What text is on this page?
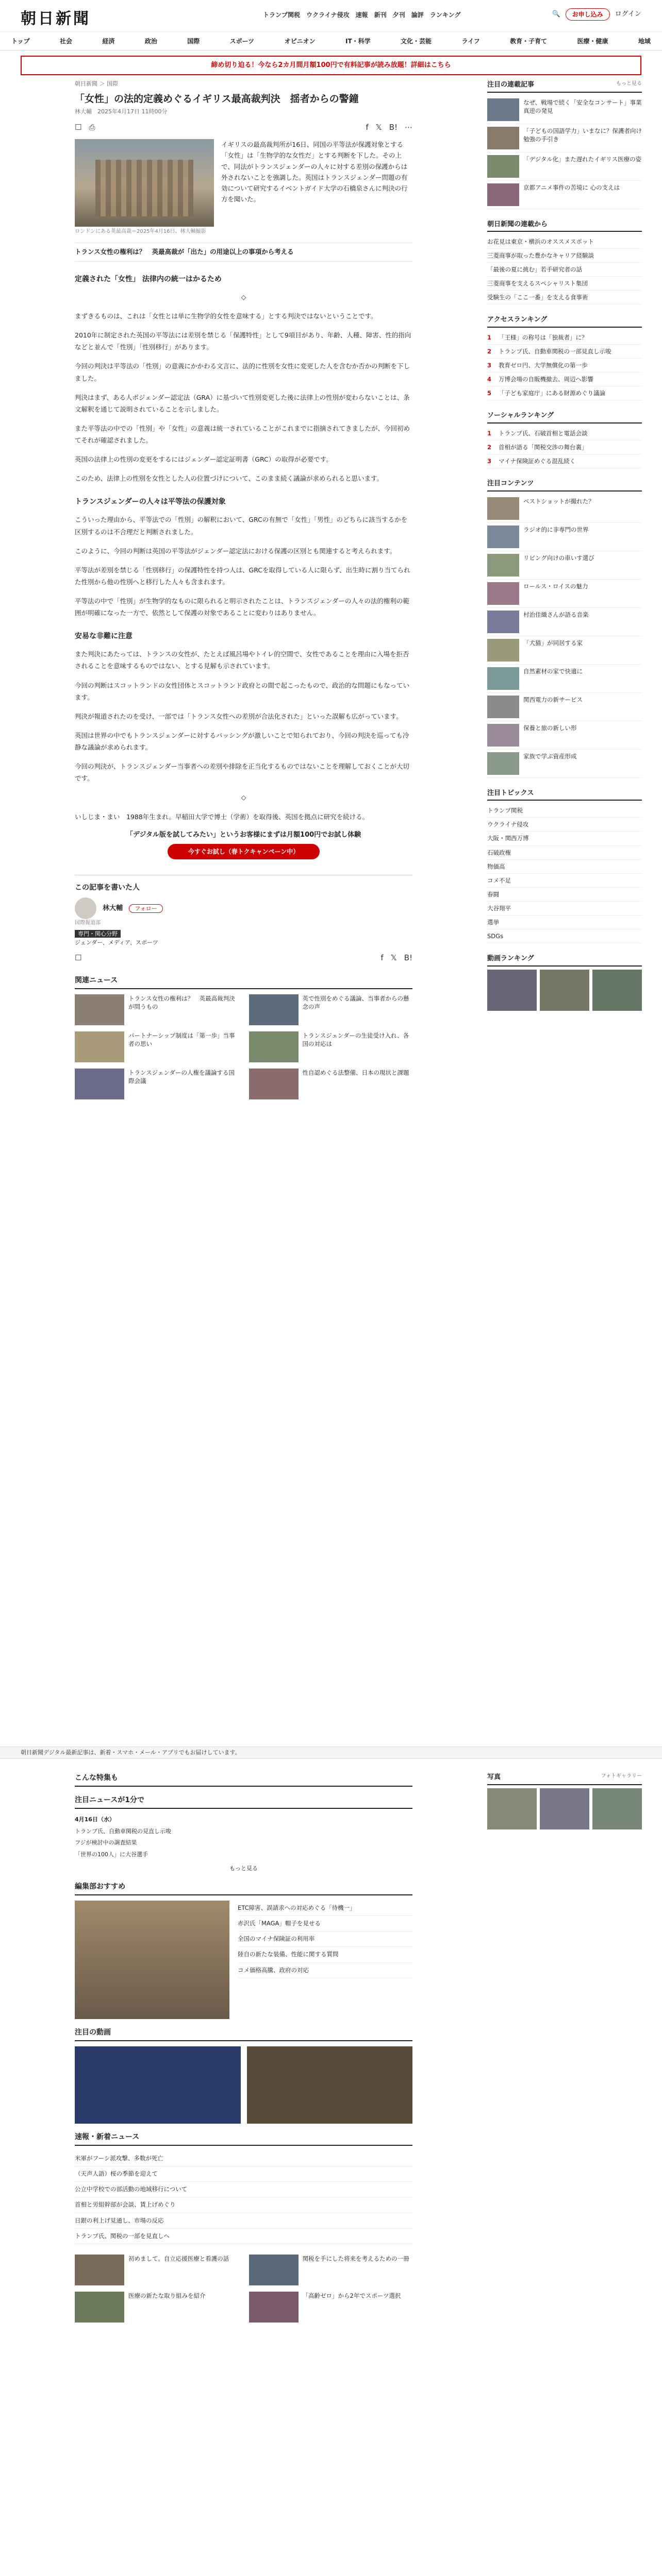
朝日新聞	トランプ関税 ウクライナ侵攻 速報 新刊 夕刊 論評 ランキング	🔍	お申し込み	ログイン
トップ	社会	経済	政治	国際	スポーツ	オピニオン	IT・科学	文化・芸能	ライフ	教育・子育て	医療・健康	地域
締め切り迫る！今なら2カ月間月額100円で有料記事が読み放題！詳細はこちら
朝日新聞 ＞ 国際
「女性」の法的定義めぐるイギリス最高裁判決　揺者からの警鐘
林大輔　2025年4月17日 11時00分
☐ ⎙	f 𝕏 B! ⋯
ロンドンにある英最高裁＝2025年4月16日、林大輔撮影
イギリスの最高裁判所が16日、同国の平等法が保護対象とする「女性」は「生物学的な女性だ」とする判断を下した。その上で、同法がトランスジェンダーの人々に対する差別の保護からは外されないことを強調した。英国はトランスジェンダー問題の有効について研究するイベントガイド大学の石橋泉さんに判決の行方を聞いた。
トランス女性の権利は？　英最高裁が「出た」の用途以上の事項から考える
定義された「女性」 法律内の統一はかるため

◇

まずきるものは、これは「女性とは単に生物学的女性を意味する」とする判決ではないということです。

2010年に制定された英国の平等法には差別を禁じる「保護特性」として9項目があり、年齢、人種、障害、性的指向などと並んで「性別」「性別移行」があります。

今回の判決は平等法の「性別」の意義にかかわる文言に、法的に性別を女性に変更した人を含むか否かの判断を下しました。

判決はまず、ある人ボジェンダー認定法（GRA）に基づいて性別変更した後に法律上の性別が変わらないことは、条文解釈を通じて説明されていることを示しました。

また平等法の中での「性別」や「女性」の意義は統一されていることがこれまでに指摘されてきましたが、今回初めてそれが確認されました。

英国の法律上の性別の変更をするにはジェンダー認定証明書（GRC）の取得が必要です。

このため、法律上の性別を女性とした人の位置づけについて、このまま続く議論が求められると思います。

トランスジェンダーの人々は平等法の保護対象

こういった理由から、平等法での「性別」の解釈において、GRCの有無で「女性」「男性」のどちらに該当するかを区別するのは不合理だと判断されました。

このように、今回の判断は英国の平等法がジェンダー認定法における保護の区別とも関連すると考えられます。

平等法が差別を禁じる「性別移行」の保護特性を持つ人は、GRCを取得している人に限らず、出生時に割り当てられた性別から他の性別へと移行した人々も含まれます。

平等法の中で「性別」が生物学的なものに限られると明示されたことは、トランスジェンダーの人々の法的権利の範囲が明確になった一方で、依然として保護の対象であることに変わりはありません。

安易な非難に注意

また判決にあたっては、トランスの女性が、たとえば風呂場やトイレ的空間で、女性であることを理由に入場を拒否されることを意味するものではない、とする見解も示されています。

今回の判断はスコットランドの女性団体とスコットランド政府との間で起こったもので、政治的な問題にもなっています。

判決が報道されたのを受け、一部では「トランス女性への差別が合法化された」といった誤解も広がっています。

英国は世界の中でもトランスジェンダーに対するバッシングが激しいことで知られており、今回の判決を巡っても冷静な議論が求められます。

今回の判決が、トランスジェンダー当事者への差別や排除を正当化するものではないことを理解しておくことが大切です。

◇

いしじま・まい　1988年生まれ。早稲田大学で博士（学術）を取得後、英国を拠点に研究を続ける。

「デジタル版を試してみたい」というお客様にまずは月額100円でお試し体験
今すぐお試し（春トクキャンペーン中）
この記事を書いた人
林大輔 フォロー
国際報道部
専門・関心分野
ジェンダー、メディア、スポーツ
☐	f 𝕏 B!
関連ニュース
トランス女性の権利は？　英最高裁判決が問うもの
英で性別をめぐる議論、当事者からの懸念の声
パートナーシップ制度は「第一歩」当事者の思い
トランスジェンダーの生徒受け入れ、各国の対応は
トランスジェンダーの人権を議論する国際会議
性自認めぐる法整備、日本の現状と課題
注目の連載記事	もっと見る
なぜ、戦場で続く「安全なコンサート」事業 真逆の発見
「子どもの国語学力」いまなに？保護者向け勉強の手引き
「デジタル化」また遅れたイギリス医療の姿
京都アニメ事件の苦境に 心の支えは
朝日新聞の連載から
お花見は東京・横浜のオススメスポット
三菱商事が取った豊かなキャリア経験談
「最後の夏に挑む」若手研究者の話
三菱商事を支えるスペシャリスト集団
受験生の「ここ一番」を支える食事術
アクセスランキング
1	「王様」の称号は「独裁者」に？
2	トランプ氏、自動車関税の一部見直し示唆
3	教育ゼロ円、大学無償化の第一歩
4	万博会場の自販機撤去、周辺へ影響
5	「子ども家庭庁」にある財源めぐり議論
ソーシャルランキング
1	トランプ氏、石破首相と電話会談
2	首相が語る「関税交渉の舞台裏」
3	マイナ保険証めぐる混乱続く
注目コンテンツ
ベストショットが撮れた？
ラジオ的に非専門の世界
リビング向けの車いす選び
ロールス・ロイスの魅力
村治佳織さんが語る音楽
「犬猫」が同居する家
自然素材の家で快適に
関西電力の新サービス
保養と旅の新しい形
家族で学ぶ資産形成
注目トピックス
トランプ関税
ウクライナ侵攻
大阪・関西万博
石破政権
物価高
コメ不足
春闘
大谷翔平
選挙
SDGs
動画ランキング
朝日新聞デジタル最新記事は、新着・スマホ・メール・アプリでもお届けしています。
こんな特集も
注目ニュースが1分で
4月16日（水）
トランプ氏、自動車関税の見直し示唆
フジが検討中の調査結果
「世界の100人」に大谷選手
もっと見る
編集部おすすめ
ETC障害、誤請求への対応めぐる「待機一」
赤沢氏「MAGA」帽子を見せる
全国のマイナ保険証の利用率
陸自の新たな装備、性能に関する質問
コメ価格高騰、政府の対応
注目の動画
速報・新着ニュース
米軍がフーシ派攻撃、多数が死亡
（天声人語）桜の季節を迎えて
公立中学校での部活動の地域移行について
首相と労組幹部が会談、賃上げめぐり
日銀の利上げ見通し、市場の反応
トランプ氏、関税の一部を見直しへ
初めまして。自立応援医療と看護の話	関税を手にした将来を考えるための一冊
医療の新たな取り組みを紹介	「高齢ゼロ」から2年でスポーツ選択
写真	フォトギャラリー
